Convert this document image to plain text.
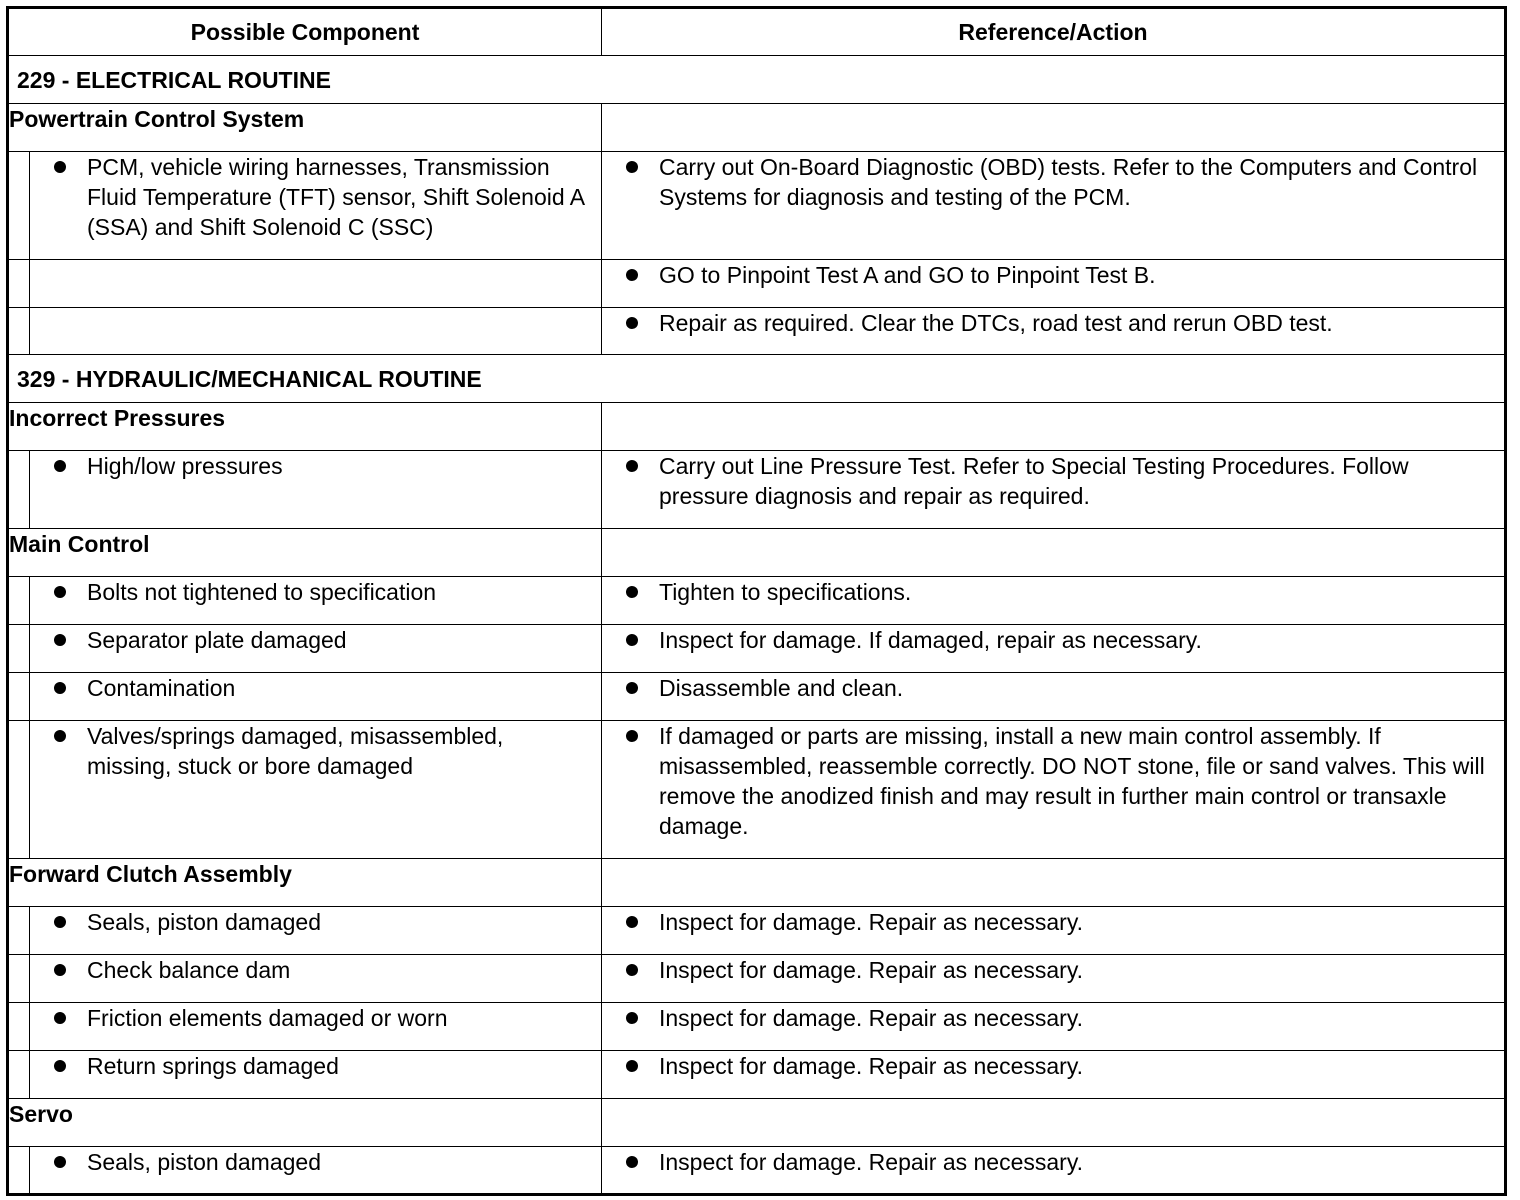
Possible Component		Reference/Action
229 - ELECTRICAL ROUTINE		
Powertrain Control System		

	PCM, vehicle wiring harnesses, Transmission Fluid Temperature (TFT) sensor, Shift Solenoid A (SSA) and Shift Solenoid C (SSC)	Carry out On-Board Diagnostic (OBD) tests. Refer to the Computers and Control Systems for diagnosis and testing of the PCM.

		GO to Pinpoint Test A and GO to Pinpoint Test B.

		Repair as required. Clear the DTCs, road test and rerun OBD test.

329 - HYDRAULIC/MECHANICAL ROUTINE		
Incorrect Pressures		

	High/low pressures	Carry out Line Pressure Test. Refer to Special Testing Procedures. Follow pressure diagnosis and repair as required.

Main Control		

	Bolts not tightened to specification	Tighten to specifications.

	Separator plate damaged	Inspect for damage. If damaged, repair as necessary.

	Contamination	Disassemble and clean.

	Valves/springs damaged, misassembled, missing, stuck or bore damaged	If damaged or parts are missing, install a new main control assembly. If misassembled, reassemble correctly. DO NOT stone, file or sand valves. This will remove the anodized finish and may result in further main control or transaxle damage.

Forward Clutch Assembly		

	Seals, piston damaged	Inspect for damage. Repair as necessary.

	Check balance dam	Inspect for damage. Repair as necessary.

	Friction elements damaged or worn	Inspect for damage. Repair as necessary.

	Return springs damaged	Inspect for damage. Repair as necessary.

Servo		

	Seals, piston damaged	Inspect for damage. Repair as necessary.
